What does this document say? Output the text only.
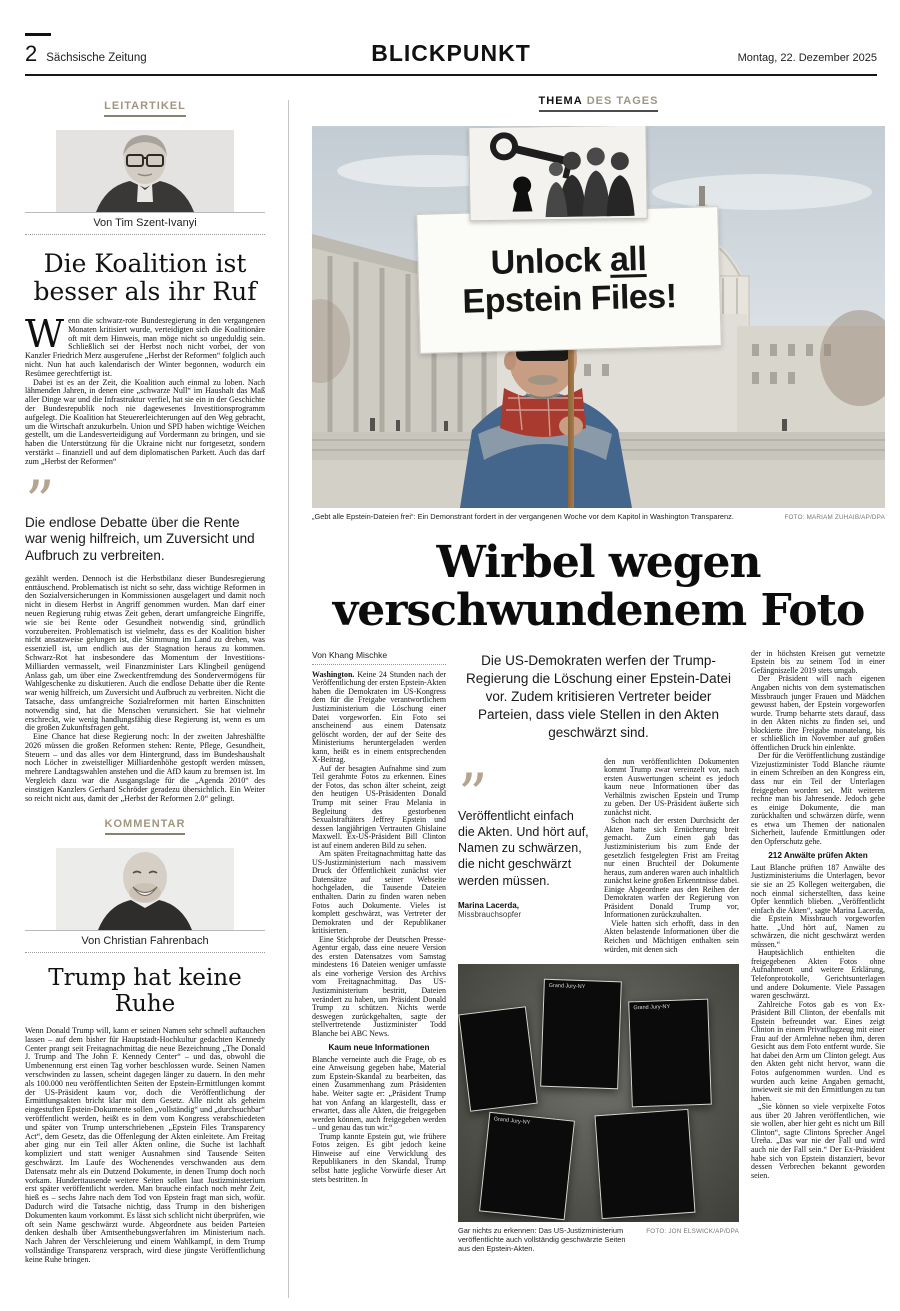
2 Sächsische Zeitung	BLICKPUNKT	Montag, 22. Dezember 2025
LEITARTIKEL
Von Tim Szent-Ivanyi
Die Koalition ist besser als ihr Ruf

Wenn die schwarz-rote Bundesregierung in den vergangenen Monaten kritisiert wurde, verteidigten sich die Koalitionäre oft mit dem Hinweis, man möge nicht so ungeduldig sein. Schließlich sei der Herbst noch nicht vorbei, der von Kanzler Friedrich Merz ausgerufene „Herbst der Reformen“ folglich auch nicht. Nun hat auch kalendarisch der Winter begonnen, wodurch ein Resümee gerechtfertigt ist.

Dabei ist es an der Zeit, die Koalition auch einmal zu loben. Nach lähmenden Jahren, in denen eine „schwarze Null“ im Haushalt das Maß aller Dinge war und die Infrastruktur verfiel, hat sie ein in der Geschichte der Bundesrepublik noch nie dagewesenes Investitionsprogramm aufgelegt. Die Koalition hat Steuererleichterungen auf den Weg gebracht, um die Wirtschaft anzukurbeln. Union und SPD haben wichtige Weichen gestellt, um die Landesverteidigung auf Vordermann zu bringen, und sie haben die Unterstützung für die Ukraine nicht nur fortgesetzt, sondern verstärkt – finanziell und auf dem diplomatischen Parkett. Auch das darf zum „Herbst der Reformen“

”
Die endlose Debatte über die Rente war wenig hilfreich, um Zuversicht und Aufbruch zu verbreiten.

gezählt werden. Dennoch ist die Herbstbilanz dieser Bundesregierung enttäuschend. Problematisch ist nicht so sehr, dass wichtige Reformen in den Sozialversicherungen in Kommissionen ausgelagert und damit noch nicht in diesem Herbst in Angriff genommen wurden. Man darf einer neuen Regierung ruhig etwas Zeit geben, derart umfangreiche Eingriffe, wie sie bei Rente oder Gesundheit notwendig sind, gründlich vorzubereiten. Problematisch ist vielmehr, dass es der Koalition bisher nicht ansatzweise gelungen ist, die Stimmung im Land zu drehen, was essenziell ist, um endlich aus der Stagnation heraus zu kommen. Schwarz-Rot hat insbesondere das Momentum der Investitions-Milliarden vermasselt, weil Finanzminister Lars Klingbeil genügend Anlass gab, um über eine Zweckentfremdung des Sondervermögens für Wahlgeschenke zu diskutieren. Auch die endlose Debatte über die Rente war wenig hilfreich, um Zuversicht und Aufbruch zu verbreiten. Nicht die Tatsache, dass umfangreiche Sozialreformen mit harten Einschnitten notwendig sind, hat die Menschen verunsichert. Sie hat vielmehr erschreckt, wie wenig handlungsfähig diese Regierung ist, wenn es um die großen Zukunftsfragen geht.

Eine Chance hat diese Regierung noch: In der zweiten Jahreshälfte 2026 müssen die großen Reformen stehen: Rente, Pflege, Gesundheit, Steuern – und das alles vor dem Hintergrund, dass im Bundeshaushalt noch Löcher in zweistelliger Milliardenhöhe gestopft werden müssen, mehrere Landtagswahlen anstehen und die AfD kaum zu bremsen ist. Im Vergleich dazu war die Ausgangslage für die „Agenda 2010“ des einstigen Kanzlers Gerhard Schröder geradezu übersichtlich. Ein Weiter so reicht nicht aus, damit der „Herbst der Reformen 2.0“ gelingt.

KOMMENTAR
Von Christian Fahrenbach
Trump hat keine Ruhe

Wenn Donald Trump will, kann er seinen Namen sehr schnell auftauchen lassen – auf dem bisher für Hauptstadt-Hochkultur gedachten Kennedy Center prangt seit Freitagnachmittag die neue Bezeichnung „The Donald J. Trump and The John F. Kennedy Center“ – und das, obwohl die Umbenennung erst einen Tag vorher beschlossen wurde. Seinen Namen verschwinden zu lassen, scheint dagegen länger zu dauern. In den mehr als 100.000 neu veröffentlichten Seiten der Epstein-Ermittlungen kommt der US-Präsident kaum vor, doch die Veröffentlichung der Ermittlungsakten bricht klar mit dem Gesetz. Alle nicht als geheim eingestuften Epstein-Dokumente sollen „vollständig“ und „durchsuchbar“ veröffentlicht werden, heißt es in dem vom Kongress verabschiedeten und später von Trump unterschriebenen „Epstein Files Transparency Act“, dem Gesetz, das die Offenlegung der Akten einleitete. Am Freitag aber ging nur ein Teil aller Akten online, die Suche ist lachhaft kompliziert und statt weniger Ausnahmen sind Tausende Seiten geschwärzt. Im Laufe des Wochenendes verschwanden aus dem Datensatz mehr als ein Dutzend Dokumente, in denen Trump doch noch vorkam. Hunderttausende weitere Seiten sollen laut Justizministerium erst später veröffentlicht werden. Man brauche einfach noch mehr Zeit, hieß es – sechs Jahre nach dem Tod von Epstein fragt man sich, wofür. Dadurch wird die Tatsache nichtig, dass Trump in den bisherigen Dokumenten kaum vorkommt. Es lässt sich schlicht nicht überprüfen, wie oft sein Name geschwärzt wurde. Abgeordnete aus beiden Parteien denken deshalb über Amtsenthebungsverfahren im Ministerium nach. Nach Jahren der Verschleierung und einem Wahlkampf, in dem Trump vollständige Transparenz versprach, wird diese jüngste Veröffentlichung keine Ruhe bringen.

THEMA DES TAGES
Unlock all
Epstein Files!
„Gebt alle Epstein-Dateien frei“: Ein Demonstrant fordert in der vergangenen Woche vor dem Kapitol in Washington Transparenz.	FOTO: MARIAM ZUHAIB/AP/DPA
Wirbel wegen verschwundenem Foto
Von Khang Mischke

Washington. Keine 24 Stunden nach der Veröffentlichung der ersten Epstein-Akten haben die Demokraten im US-Kongress dem für die Freigabe verantwortlichem Justizministerium die Löschung einer Datei vorgeworfen. Ein Foto sei anscheinend aus einem Datensatz gelöscht worden, der auf der Seite des Ministeriums heruntergeladen werden kann, heißt es in einem entsprechenden X-Beitrag.

Auf der besagten Aufnahme sind zum Teil gerahmte Fotos zu erkennen. Eines der Fotos, das schon älter scheint, zeigt den heutigen US-Präsidenten Donald Trump mit seiner Frau Melania in Begleitung des gestorbenen Sexualstraftäters Jeffrey Epstein und dessen langjährigen Vertrauten Ghislaine Maxwell. Ex-US-Präsident Bill Clinton ist auf einem anderen Bild zu sehen.

Am späten Freitagnachmittag hatte das US-Justizministerium nach massivem Druck der Öffentlichkeit zunächst vier Datensätze auf seiner Webseite hochgeladen, die Tausende Dateien enthalten. Darin zu finden waren neben Fotos auch Dokumente. Vieles ist komplett geschwärzt, was Vertreter der Demokraten und der Republikaner kritisierten.

Eine Stichprobe der Deutschen Presse-Agentur ergab, dass eine neuere Version des ersten Datensatzes vom Samstag mindestens 16 Dateien weniger umfasste als eine vorherige Version des Archivs vom Freitagnachmittag. Das US-Justizministerium bestritt, Dateien verändert zu haben, um Präsident Donald Trump zu schützen. Nichts werde deswegen zurückgehalten, sagte der stellvertretende Justizminister Todd Blanche bei ABC News.

Kaum neue Informationen

Blanche verneinte auch die Frage, ob es eine Anweisung gegeben habe, Material zum Epstein-Skandal zu bearbeiten, das einen Zusammenhang zum Präsidenten habe. Weiter sagte er: „Präsident Trump hat von Anfang an klargestellt, dass er erwartet, dass alle Akten, die freigegeben werden können, auch freigegeben werden – und genau das tun wir.“

Trump kannte Epstein gut, wie frühere Fotos zeigen. Es gibt jedoch keine Hinweise auf eine Verwicklung des Republikaners in den Skandal, Trump selbst hatte jegliche Vorwürfe dieser Art stets bestritten. In

Die US-Demokraten werfen der Trump-Regierung die Löschung einer Epstein-Datei vor. Zudem kritisieren Vertreter beider Parteien, dass viele Stellen in den Akten geschwärzt sind.
”
Veröffentlicht einfach die Akten. Und hört auf, Namen zu schwärzen, die nicht geschwärzt werden müssen.
Marina Lacerda,
Missbrauchsopfer

den nun veröffentlichten Dokumenten kommt Trump zwar vereinzelt vor, nach ersten Auswertungen scheint es jedoch kaum neue Informationen über das Verhältnis zwischen Epstein und Trump zu geben. Der US-Präsident äußerte sich zunächst nicht.

Schon nach der ersten Durchsicht der Akten hatte sich Ernüchterung breit gemacht. Zum einen gab das Justizministerium bis zum Ende der gesetzlich festgelegten Frist am Freitag nur einen Bruchteil der Dokumente heraus, zum anderen waren auch inhaltlich zunächst keine großen Erkenntnisse dabei. Einige Abgeordnete aus den Reihen der Demokraten warfen der Regierung von Präsident Donald Trump vor, Informationen zurückzuhalten.

Viele hatten sich erhofft, dass in den Akten belastende Informationen über die Reichen und Mächtigen enthalten sein würden, mit denen sich

Grand Jury-NY
Grand Jury-NY
Grand Jury-NY
Gar nichts zu erkennen: Das US-Justizministerium veröffentlichte auch vollständig geschwärzte Seiten aus den Epstein-Akten.
FOTO: JON ELSWICK/AP/DPA

der in höchsten Kreisen gut vernetzte Epstein bis zu seinem Tod in einer Gefängniszelle 2019 stets umgab.

Der Präsident will nach eigenen Angaben nichts von dem systematischen Missbrauch junger Frauen und Mädchen gewusst haben, der Epstein vorgeworfen wurde. Trump beharrte stets darauf, dass in den Akten nichts zu finden sei, und blockierte ihre Freigabe monatelang, bis er schließlich im November auf großen öffentlichen Druck hin einlenkte.

Der für die Veröffentlichung zuständige Vizejustizminister Todd Blanche räumte in einem Schreiben an den Kongress ein, dass nur ein Teil der Unterlagen freigegeben worden sei. Mit weiteren rechne man bis Jahresende. Jedoch gebe es einige Dokumente, die man zurückhalten und schwärzen dürfe, wenn es etwa um Themen der nationalen Sicherheit, laufende Ermittlungen oder den Opferschutz gehe.

212 Anwälte prüfen Akten

Laut Blanche prüften 187 Anwälte des Justizministeriums die Unterlagen, bevor sie sie an 25 Kollegen weitergaben, die noch einmal sicherstellten, dass keine Opfer kenntlich blieben. „Veröffentlicht einfach die Akten“, sagte Marina Lacerda, die Epstein Missbrauch vorgeworfen hatte. „Und hört auf, Namen zu schwärzen, die nicht geschwärzt werden müssen.“

Hauptsächlich enthielten die freigegebenen Akten Fotos ohne Aufnahmeort und weitere Erklärung, Telefonprotokolle, Gerichtsunterlagen und andere Dokumente. Viele Passagen waren geschwärzt.

Zahlreiche Fotos gab es von Ex-Präsident Bill Clinton, der ebenfalls mit Epstein befreundet war. Eines zeigt Clinton in einem Privatflugzeug mit einer Frau auf der Armlehne neben ihm, deren Gesicht aus dem Foto entfernt wurde. Sie hat dabei den Arm um Clinton gelegt. Aus den Akten geht nicht hervor, wann die Fotos aufgenommen wurden. Und es wurden auch keine Angaben gemacht, inwieweit sie mit den Ermittlungen zu tun haben.

„Sie können so viele verpixelte Fotos aus über 20 Jahren veröffentlichen, wie sie wollen, aber hier geht es nicht um Bill Clinton“, sagte Clintons Sprecher Angel Ureña. „Das war nie der Fall und wird auch nie der Fall sein.“ Der Ex-Präsident habe sich von Epstein distanziert, bevor dessen Verbrechen bekannt geworden seien.
